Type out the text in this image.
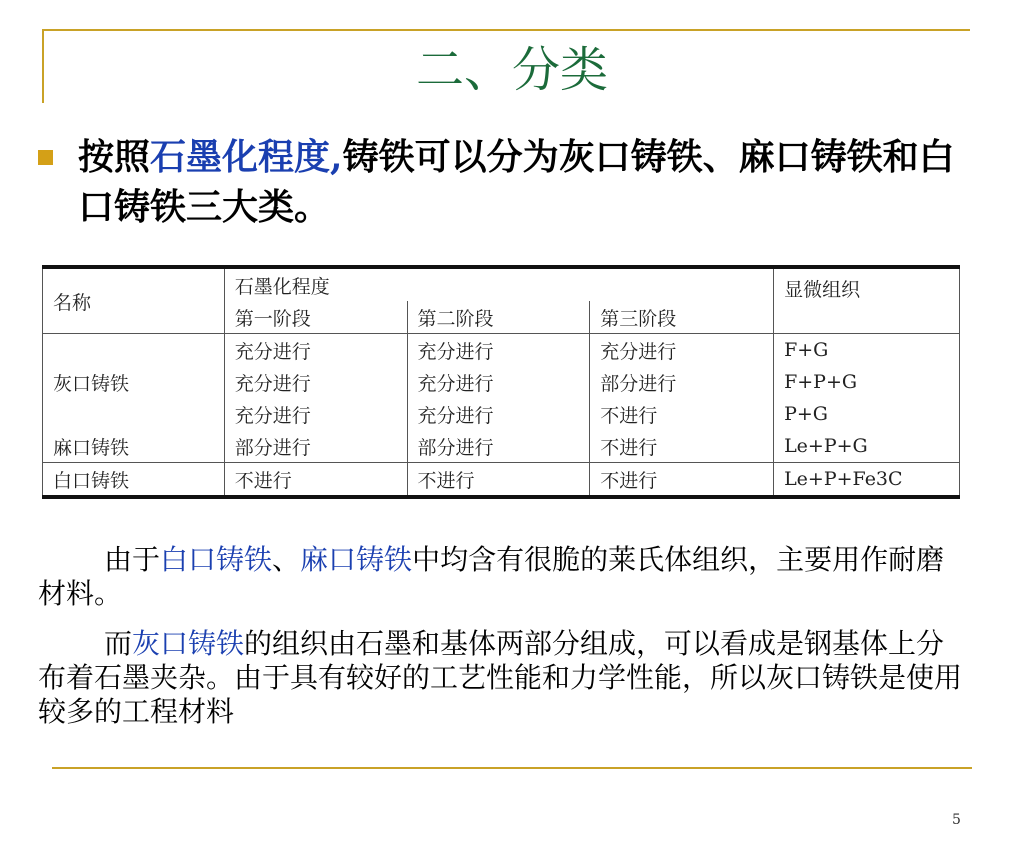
二、分类
按照石墨化程度,铸铁可以分为灰口铸铁、麻口铸铁和白口铸铁三大类。
名称	石墨化程度			显微组织
	第一阶段	第二阶段	第三阶段	
	充分进行	充分进行	充分进行	F+G
灰口铸铁	充分进行	充分进行	部分进行	F+P+G
	充分进行	充分进行	不进行	P+G
麻口铸铁	部分进行	部分进行	不进行	Le+P+G
白口铸铁	不进行	不进行	不进行	Le+P+Fe3C
由于白口铸铁、麻口铸铁中均含有很脆的莱氏体组织，主要用作耐磨材料。
而灰口铸铁的组织由石墨和基体两部分组成，可以看成是钢基体上分布着石墨夹杂。由于具有较好的工艺性能和力学性能，所以灰口铸铁是使用较多的工程材料
5
